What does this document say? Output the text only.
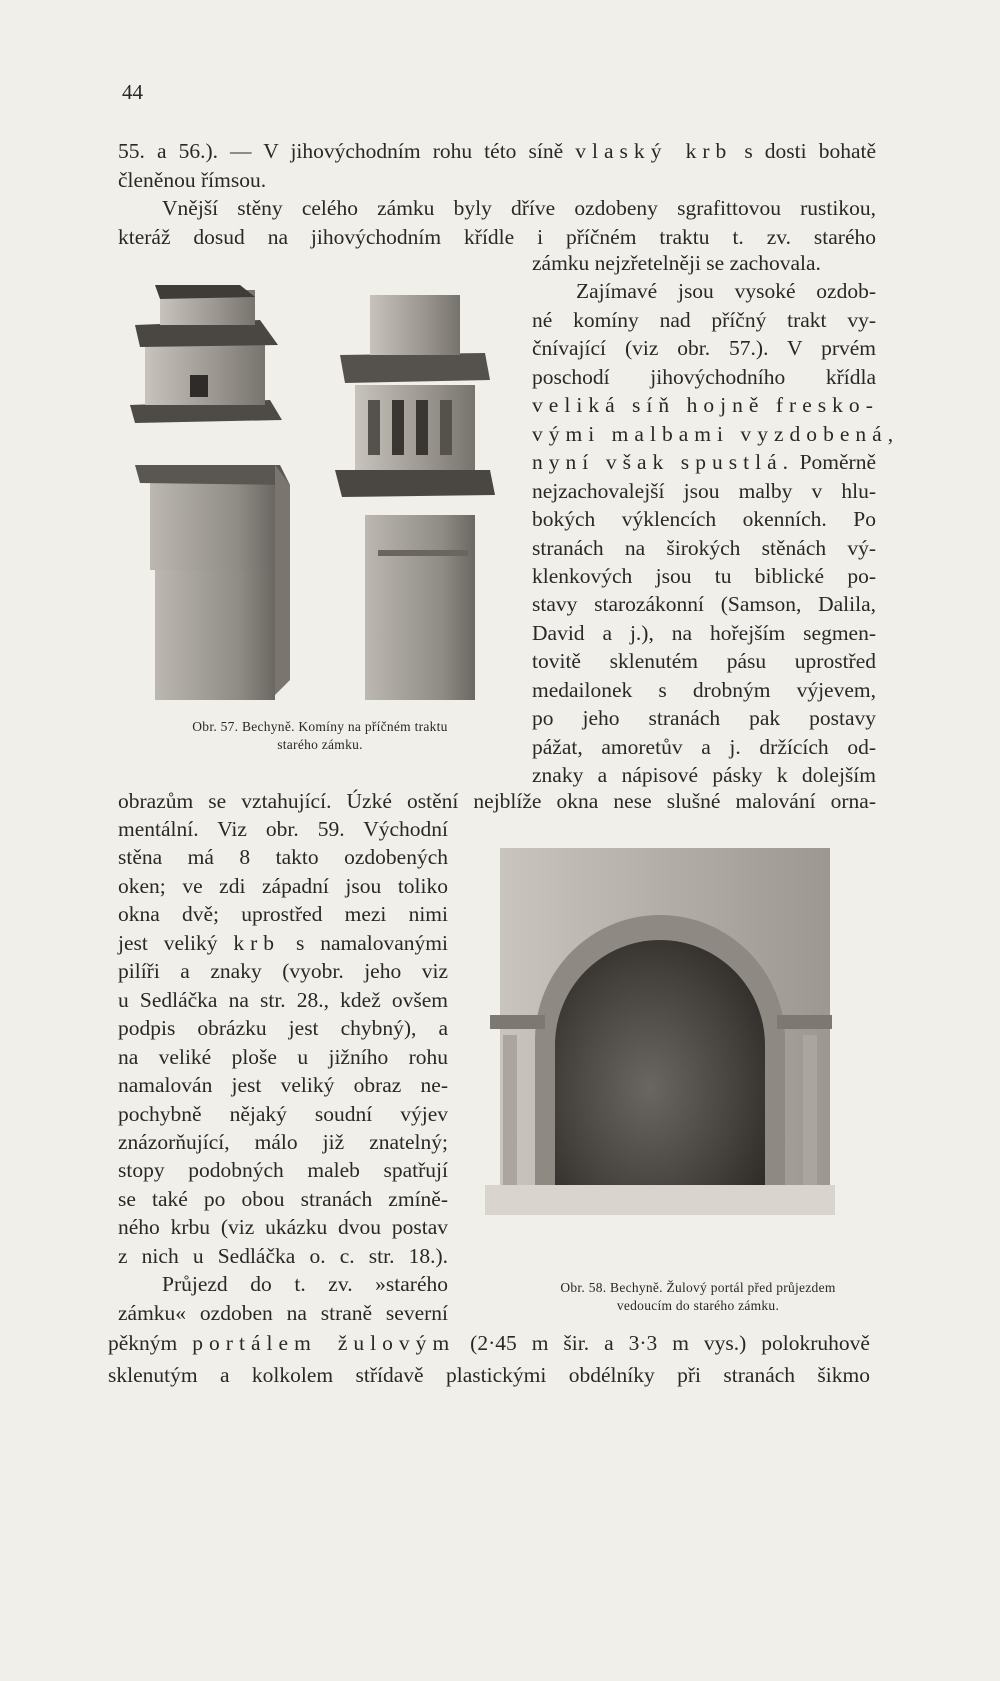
44
55. a 56.). — V jihovýchodním rohu této síně vlaský krb s dosti bohatě
členěnou římsou.
Vnější stěny celého zámku byly dříve ozdobeny sgrafittovou rustikou,
kteráž dosud na jihovýchodním křídle i příčném traktu t. zv. starého
zámku nejzřetelněji se zachovala.
Zajímavé jsou vysoké ozdob-
né komíny nad příčný trakt vy-
čnívající (viz obr. 57.). V prvém
poschodí jihovýchodního křídla
veliká síň hojně fresko-
vými malbami vyzdobená,
nyní však spustlá. Poměrně
nejzachovalejší jsou malby v hlu-
bokých výklencích okenních. Po
stranách na širokých stěnách vý-
klenkových jsou tu biblické po-
stavy starozákonní (Samson, Dalila,
David a j.), na hořejším segmen-
tovitě sklenutém pásu uprostřed
medailonek s drobným výjevem,
po jeho stranách pak postavy
pážat, amoretův a j. držících od-
znaky a nápisové pásky k dolejším
obrazům se vztahující. Úzké ostění nejblíže okna nese slušné malování orna-
mentální. Viz obr. 59. Východní
stěna má 8 takto ozdobených
oken; ve zdi západní jsou toliko
okna dvě; uprostřed mezi nimi
jest veliký krb s namalovanými
pilíři a znaky (vyobr. jeho viz
u Sedláčka na str. 28., kdež ovšem
podpis obrázku jest chybný), a
na veliké ploše u jižního rohu
namalován jest veliký obraz ne-
pochybně nějaký soudní výjev
znázorňující, málo již znatelný;
stopy podobných maleb spatřují
se také po obou stranách zmíně-
ného krbu (viz ukázku dvou postav
z nich u Sedláčka o. c. str. 18.).
Průjezd do t. zv. »starého
zámku« ozdoben na straně severní
pěkným portálem žulovým (2·45 m šir. a 3·3 m vys.) polokruhově
sklenutým a kolkolem střídavě plastickými obdélníky při stranách šikmo
Obr. 57. Bechyně. Komíny na příčném traktu
starého zámku.
Obr. 58. Bechyně. Žulový portál před průjezdem
vedoucím do starého zámku.
